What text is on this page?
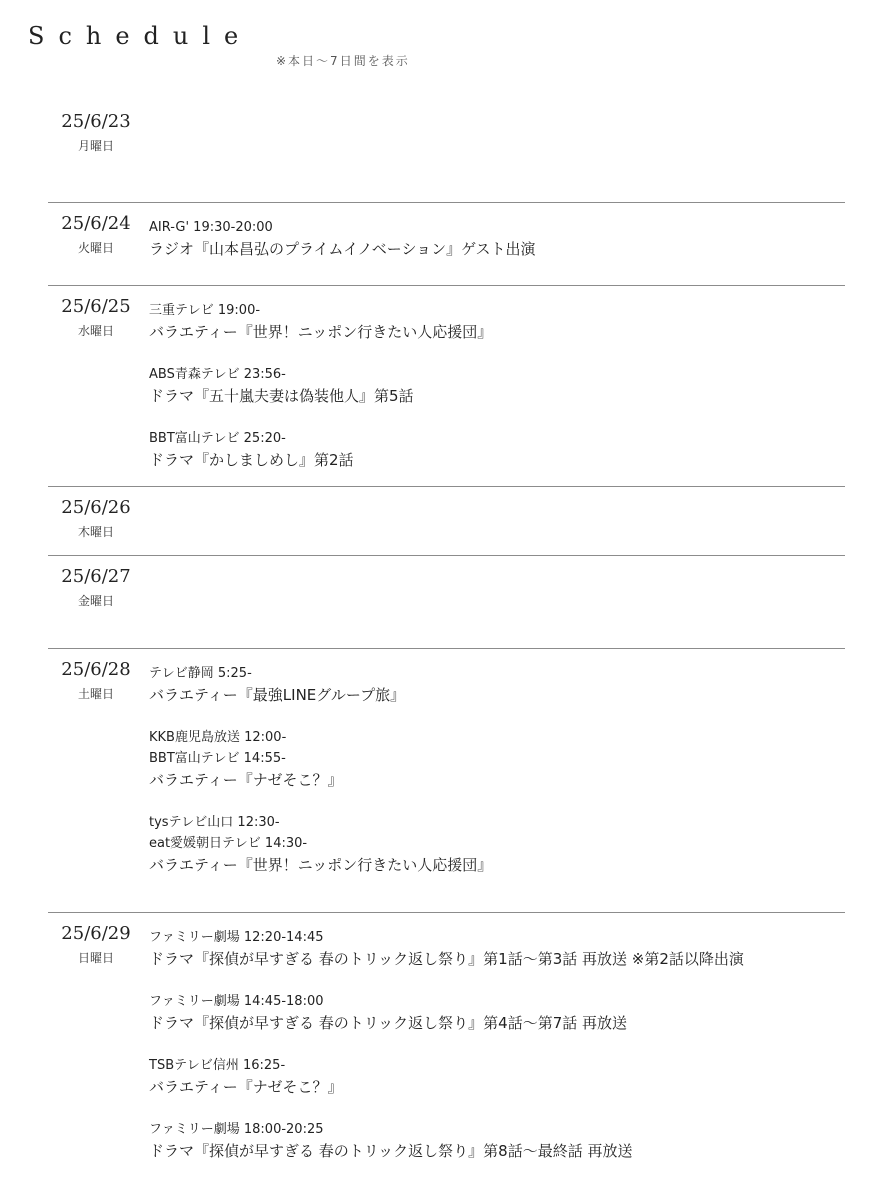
Schedule
※本日〜7日間を表示
25/6/23
月曜日
25/6/24
火曜日
AIR-G' 19:30-20:00
ラジオ『山本昌弘のプライムイノベーション』ゲスト出演
25/6/25
水曜日
三重テレビ 19:00-
バラエティー『世界！ニッポン行きたい人応援団』
ABS青森テレビ 23:56-
ドラマ『五十嵐夫妻は偽装他人』第5話
BBT富山テレビ 25:20-
ドラマ『かしましめし』第2話
25/6/26
木曜日
25/6/27
金曜日
25/6/28
土曜日
テレビ静岡 5:25-
バラエティー『最強LINEグループ旅』
KKB鹿児島放送 12:00-
BBT富山テレビ 14:55-
バラエティー『ナゼそこ？』
tysテレビ山口 12:30-
eat愛媛朝日テレビ 14:30-
バラエティー『世界！ニッポン行きたい人応援団』
25/6/29
日曜日
ファミリー劇場 12:20-14:45
ドラマ『探偵が早すぎる 春のトリック返し祭り』第1話〜第3話 再放送 ※第2話以降出演
ファミリー劇場 14:45-18:00
ドラマ『探偵が早すぎる 春のトリック返し祭り』第4話〜第7話 再放送
TSBテレビ信州 16:25-
バラエティー『ナゼそこ？』
ファミリー劇場 18:00-20:25
ドラマ『探偵が早すぎる 春のトリック返し祭り』第8話〜最終話 再放送
